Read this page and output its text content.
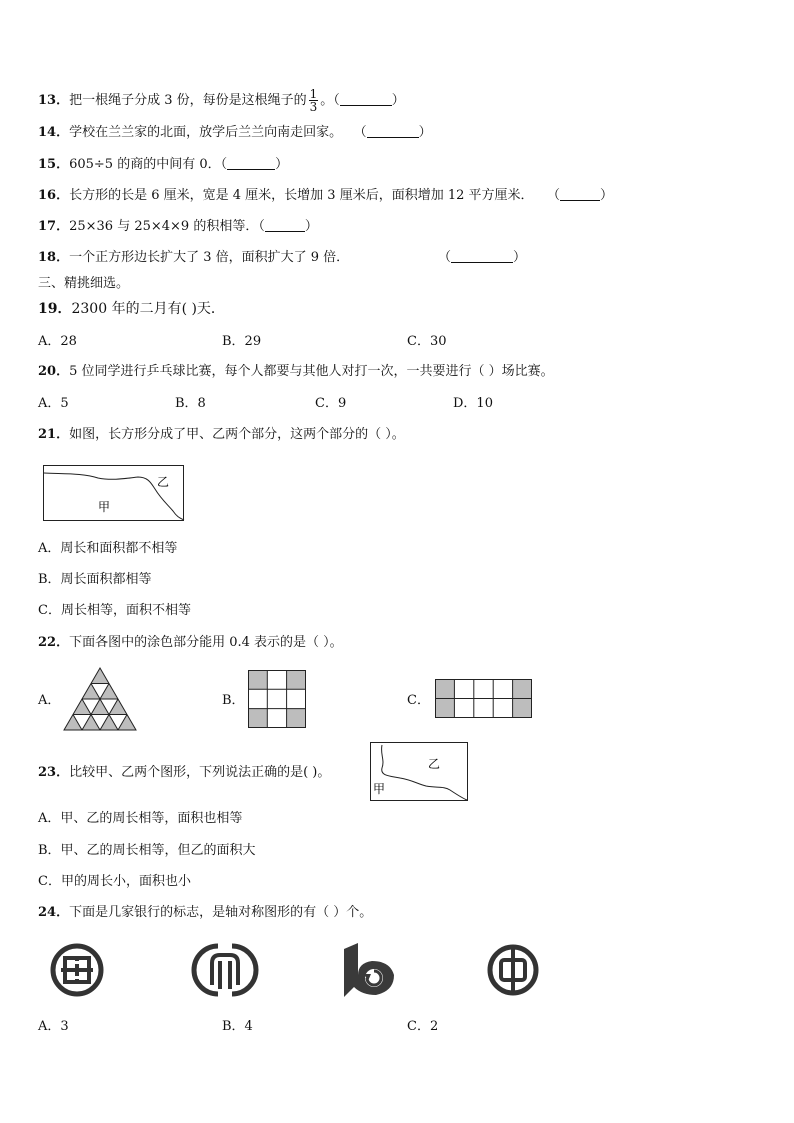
13．把一根绳子分成 3 份，每份是这根绳子的 $\frac{1}{3}$ 。（	）
14．学校在兰兰家的北面，放学后兰兰向南走回家。 （	）
15．605÷5 的商的中间有 0．（	）
16．长方形的长是 6 厘米，宽是 4 厘米，长增加 3 厘米后，面积增加 12 平方厘米． （	）
17．25×36 与 25×4×9 的积相等．（	）
18．一个正方形边长扩大了 3 倍，面积扩大了 9 倍．	（	）
三、精挑细选。
19．2300 年的二月有( )天．
A．28	B．29	C．30
20．5 位同学进行乒乓球比赛，每个人都要与其他人对打一次，一共要进行（ ）场比赛。
A．5	B．8	C．9	D．10
21．如图，长方形分成了甲、乙两个部分，这两个部分的（ ）。
甲
乙
A．周长和面积都不相等
B．周长面积都相等
C．周长相等，面积不相等
22．下面各图中的涂色部分能用 0.4 表示的是（ ）。
A．	B．	C．
23．比较甲、乙两个图形，下列说法正确的是( )。
甲
乙
A．甲、乙的周长相等，面积也相等
B．甲、乙的周长相等，但乙的面积大
C．甲的周长小，面积也小
24．下面是几家银行的标志，是轴对称图形的有（ ）个。
A．3	B．4	C．2
